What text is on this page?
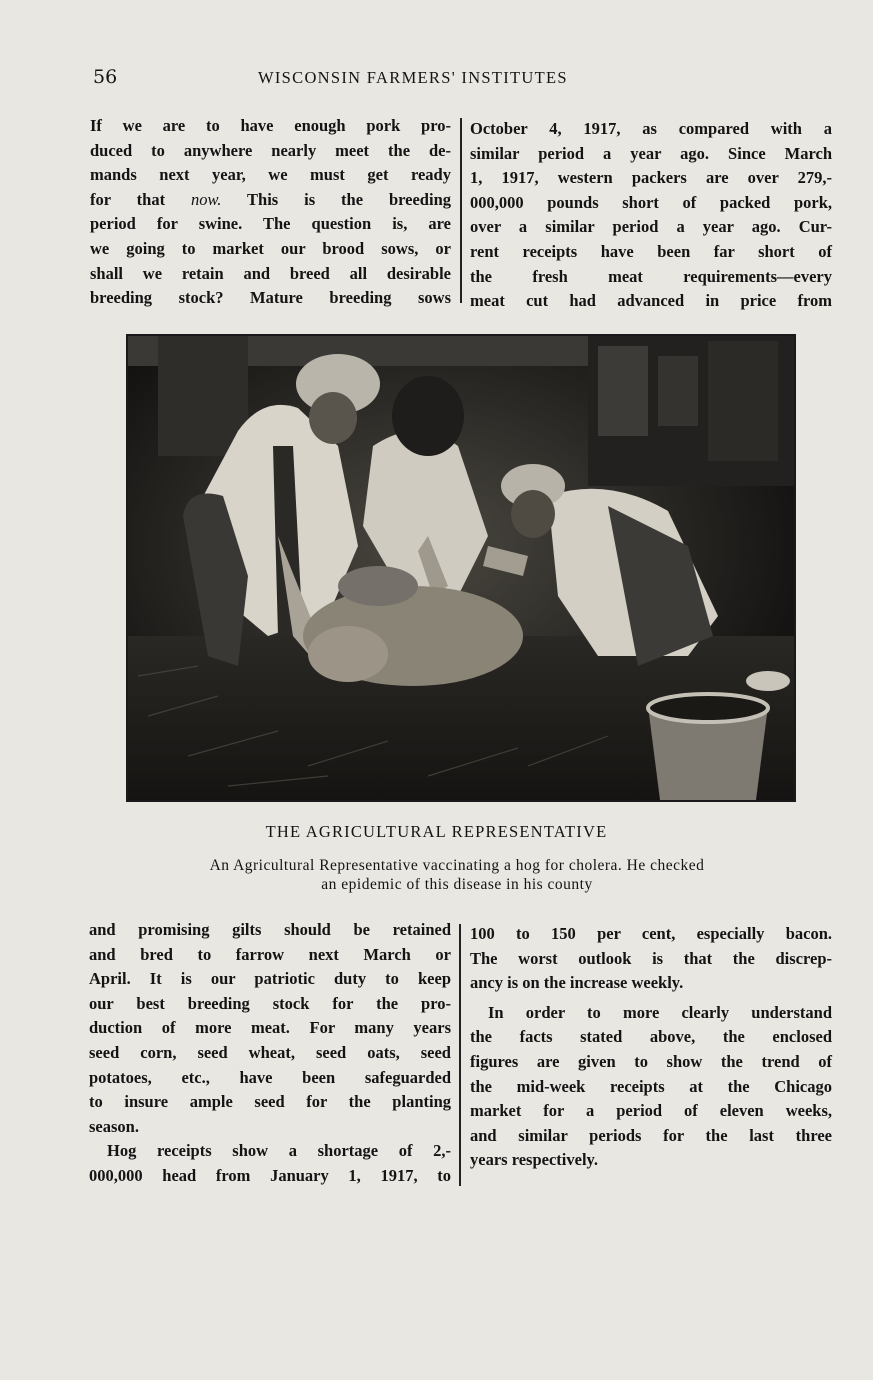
56	WISCONSIN FARMERS' INSTITUTES
If we are to have enough pork pro-
duced to anywhere nearly meet the de-
mands next year, we must get ready
for that now. This is the breeding
period for swine. The question is, are
we going to market our brood sows, or
shall we retain and breed all desirable
breeding stock? Mature breeding sows
October 4, 1917, as compared with a
similar period a year ago. Since March
1, 1917, western packers are over 279,-
000,000 pounds short of packed pork,
over a similar period a year ago. Cur-
rent receipts have been far short of
the fresh meat requirements—every
meat cut had advanced in price from
THE AGRICULTURAL REPRESENTATIVE
An Agricultural Representative vaccinating a hog for cholera. He checked
an epidemic of this disease in his county
and promising gilts should be retained
and bred to farrow next March or
April. It is our patriotic duty to keep
our best breeding stock for the pro-
duction of more meat. For many years
seed corn, seed wheat, seed oats, seed
potatoes, etc., have been safeguarded
to insure ample seed for the planting
season.
Hog receipts show a shortage of 2,-
000,000 head from January 1, 1917, to
100 to 150 per cent, especially bacon.
The worst outlook is that the discrep-
ancy is on the increase weekly.
In order to more clearly understand
the facts stated above, the enclosed
figures are given to show the trend of
the mid-week receipts at the Chicago
market for a period of eleven weeks,
and similar periods for the last three
years respectively.
